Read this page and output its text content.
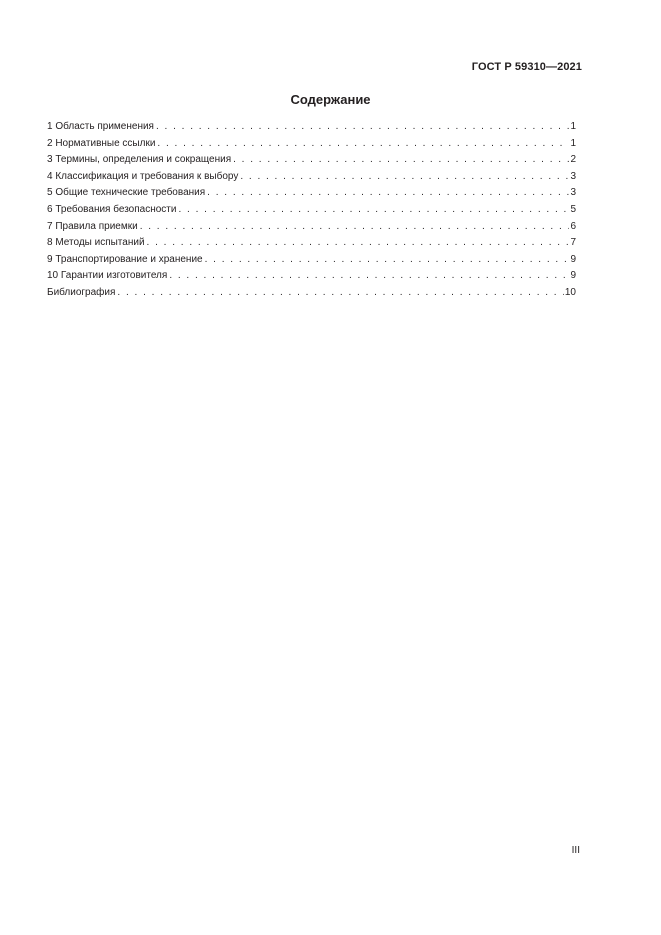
ГОСТ Р 59310—2021
Содержание
1 Область применения . . .	1
2 Нормативные ссылки . . .	1
3 Термины, определения и сокращения . . .	2
4 Классификация и требования к выбору . . .	3
5 Общие технические требования . . .	3
6 Требования безопасности . . .	5
7 Правила приемки . . .	6
8 Методы испытаний . . .	7
9 Транспортирование и хранение . . .	9
10 Гарантии изготовителя . . .	9
Библиография . . .	10
III
